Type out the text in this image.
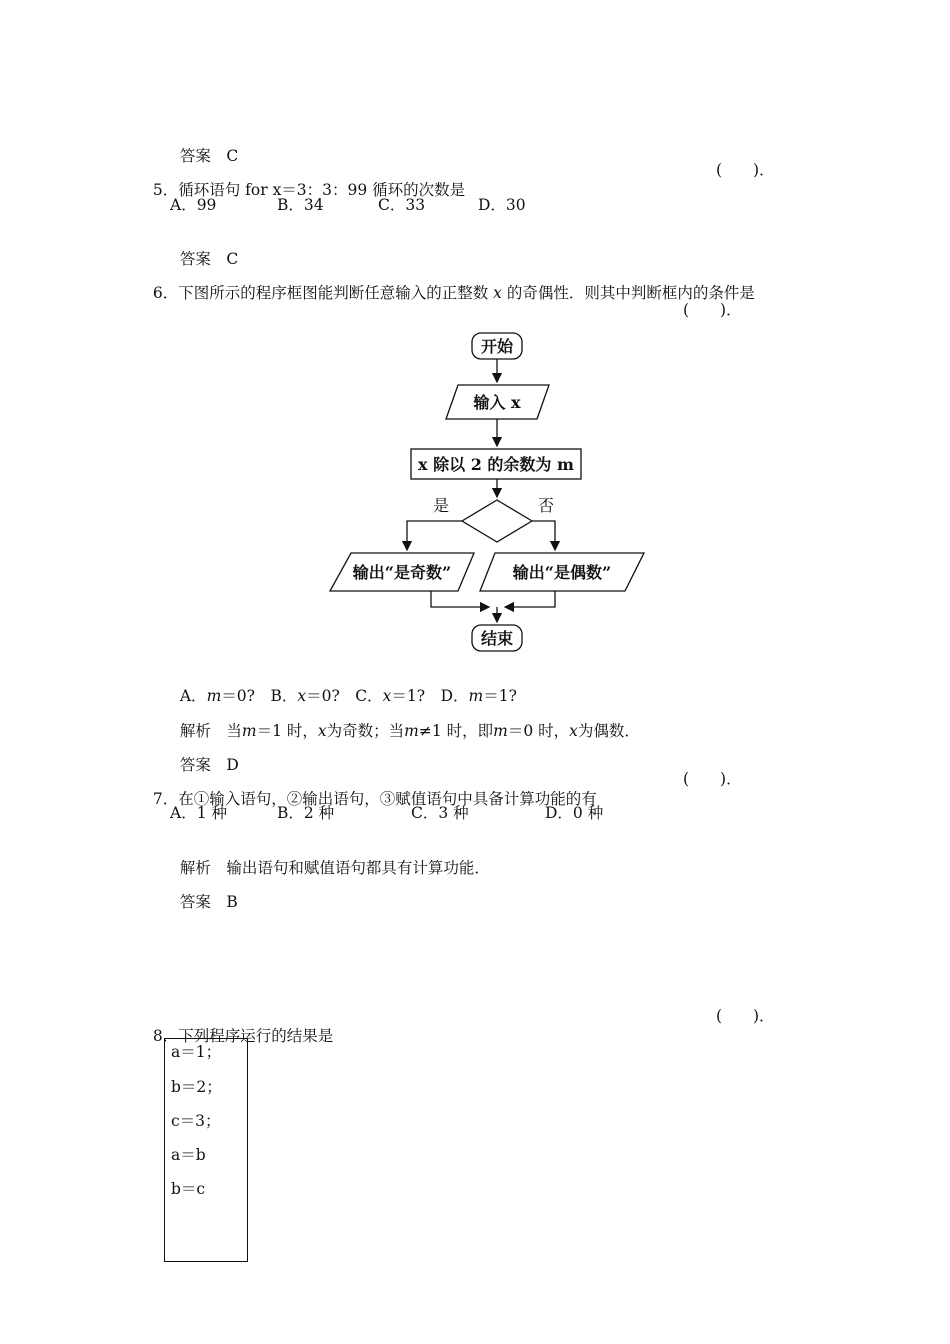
答案　 C

5．循环语句 for x＝3：3：99 循环的次数是

(　　)．
A．99	B．34	C．33	D．30

答案　 C

6．下图所示的程序框图能判断任意输入的正整数 x 的奇偶性．则其中判断框内的条件是

(　　)．
开始
输入 x
x 除以 2 的余数为 m
是	否
输出“是奇数”	输出“是偶数”
结束

A．m＝0?　 B．x＝0?　 C．x＝1?　 D．m＝1?

解析　 当m＝1 时，x为奇数；当m≠1 时，即m＝0 时，x为偶数．

答案　 D

7．在①输入语句，②输出语句，③赋值语句中具备计算功能的有

(　　)．
A．1 种	B．2 种	C．3 种	D．0 种

解析　 输出语句和赋值语句都具有计算功能．

答案　 B

8．下列程序运行的结果是

(　　)．
a＝1；
b＝2；
c＝3；
a＝b
b＝c
